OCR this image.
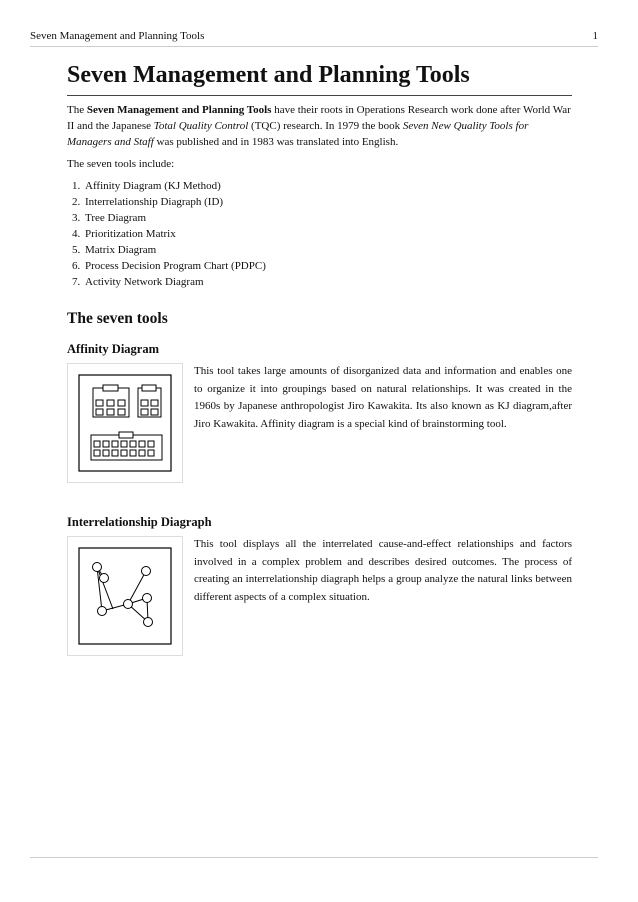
Seven Management and Planning Tools	1
Seven Management and Planning Tools

The Seven Management and Planning Tools have their roots in Operations Research work done after World War II and the Japanese Total Quality Control (TQC) research. In 1979 the book Seven New Quality Tools for Managers and Staff was published and in 1983 was translated into English.

The seven tools include:

1. Affinity Diagram (KJ Method)
2. Interrelationship Diagraph (ID)
3. Tree Diagram
4. Prioritization Matrix
5. Matrix Diagram
6. Process Decision Program Chart (PDPC)
7. Activity Network Diagram
The seven tools
Affinity Diagram

This tool takes large amounts of disorganized data and information and enables one to organize it into groupings based on natural relationships. It was created in the 1960s by Japanese anthropologist Jiro Kawakita. Its also known as KJ diagram,after Jiro Kawakita. Affinity diagram is a special kind of brainstorming tool.

Interrelationship Diagraph

This tool displays all the interrelated cause-and-effect relationships and factors involved in a complex problem and describes desired outcomes. The process of creating an interrelationship diagraph helps a group analyze the natural links between different aspects of a complex situation.
